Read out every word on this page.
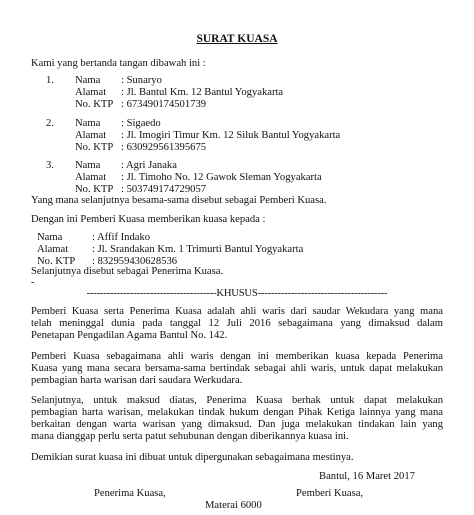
SURAT KUASA
Kami yang bertanda tangan dibawah ini :
1. Nama : Sunaryo
Alamat : Jl. Bantul Km. 12 Bantul Yogyakarta
No. KTP : 673490174501739
2. Nama : Sigaedo
Alamat : Jl. Imogiri Timur Km. 12 Siluk Bantul Yogyakarta
No. KTP : 630929561395675
3. Nama : Agri Janaka
Alamat : Jl. Timoho No. 12 Gawok Sleman Yogyakarta
No. KTP : 503749174729057
Yang mana selanjutnya besama-sama disebut sebagai Pemberi Kuasa.
Dengan ini Pemberi Kuasa memberikan kuasa kepada :
Nama	: Affif Indako
Alamat : Jl. Srandakan Km. 1 Trimurti Bantul Yogyakarta
No. KTP : 832959430628536
Selanjutnya disebut sebagai Penerima Kuasa.
-
---------------------------------------KHUSUS---------------------------------------
Pemberi Kuasa serta Penerima Kuasa adalah ahli waris dari saudar Wekudara yang mana
telah meninggal dunia pada tanggal 12 Juli 2016 sebagaimana yang dimaksud dalam
Penetapan Pengadilan Agama Bantul No. 142.
Pemberi Kuasa sebagaimana ahli waris dengan ini memberikan kuasa kepada Penerima
Kuasa yang mana secara bersama-sama bertindak sebagai ahli waris, untuk dapat melakukan
pembagian harta warisan dari saudara Werkudara.
Selanjutnya, untuk maksud diatas, Penerima Kuasa berhak untuk dapat melakukan
pembagian harta warisan, melakukan tindak hukum dengan Pihak Ketiga lainnya yang mana
berkaitan dengan warta warisan yang dimaksud. Dan juga melakukan tindakan lain yang
mana dianggap perlu serta patut sehubunan dengan diberikannya kuasa ini.
Demikian surat kuasa ini dibuat untuk dipergunakan sebagaimana mestinya.
Bantul, 16 Maret 2017
Penerima Kuasa,	Pemberi Kuasa,
Materai 6000
